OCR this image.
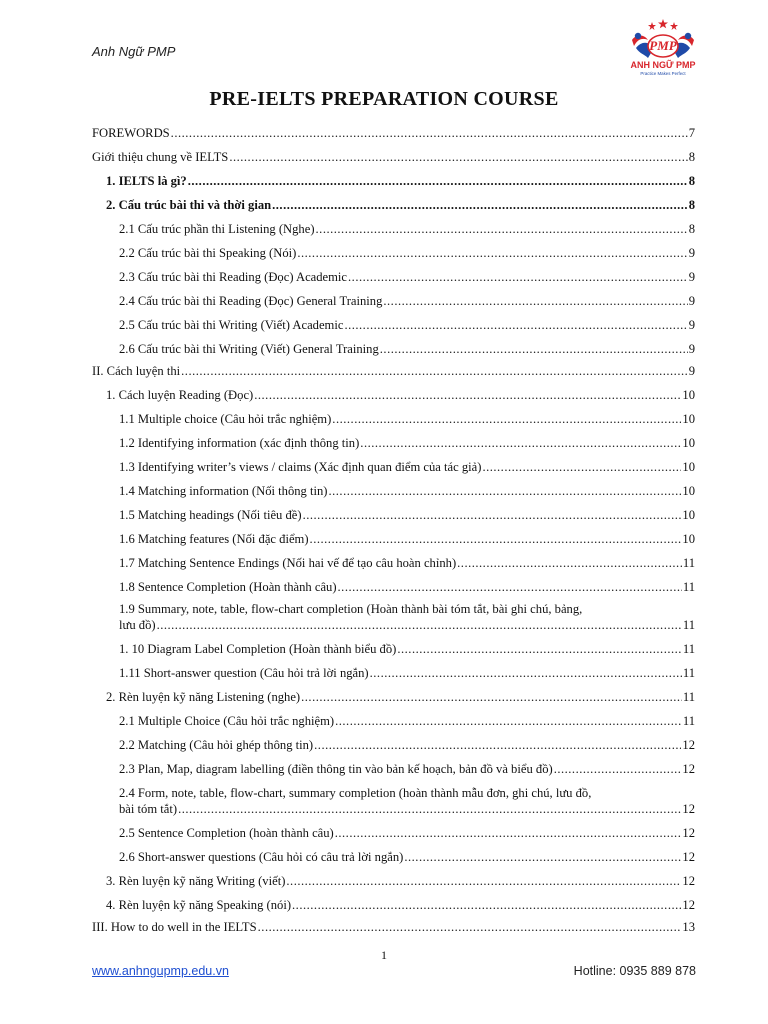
Anh Ngữ PMP	PMP
ANH NGỮ PMP
Practice Makes Perfect
PRE-IELTS PREPARATION COURSE
FOREWORDS .....	7
Giới thiệu chung về IELTS .....	8
1. IELTS là gì? .....	8
2. Cấu trúc bài thi và thời gian .....	8
2.1 Cấu trúc phần thi Listening (Nghe) .....	8
2.2 Cấu trúc bài thi Speaking (Nói) .....	9
2.3 Cấu trúc bài thi Reading (Đọc) Academic .....	9
2.4 Cấu trúc bài thi Reading (Đọc) General Training .....	9
2.5 Cấu trúc bài thi Writing (Viết) Academic .....	9
2.6 Cấu trúc bài thi Writing (Viết) General Training .....	9
II. Cách luyện thi .....	9
1. Cách luyện Reading (Đọc) .....	10
1.1 Multiple choice (Câu hỏi trắc nghiệm) .....	10
1.2 Identifying information (xác định thông tin) .....	10
1.3 Identifying writer’s views / claims (Xác định quan điểm của tác giả) .....	10
1.4 Matching information (Nối thông tin) .....	10
1.5 Matching headings (Nối tiêu đề) .....	10
1.6 Matching features (Nối đặc điểm) .....	10
1.7 Matching Sentence Endings (Nối hai vế để tạo câu hoàn chỉnh) .....	11
1.8 Sentence Completion (Hoàn thành câu) .....	11
1.9 Summary, note, table, flow-chart completion (Hoàn thành bài tóm tắt, bài ghi chú, bảng,
lưu đồ) .....	11
1. 10 Diagram Label Completion (Hoàn thành biểu đồ) .....	11
1.11 Short-answer question (Câu hỏi trả lời ngắn) .....	11
2. Rèn luyện kỹ năng Listening (nghe) .....	11
2.1 Multiple Choice (Câu hỏi trắc nghiệm) .....	11
2.2 Matching (Câu hỏi ghép thông tin) .....	12
2.3 Plan, Map, diagram labelling (điền thông tin vào bản kế hoạch, bản đồ và biểu đồ) .....	12
2.4 Form, note, table, flow-chart, summary completion (hoàn thành mẫu đơn, ghi chú, lưu đồ,
bài tóm tắt) .....	12
2.5 Sentence Completion (hoàn thành câu) .....	12
2.6 Short-answer questions (Câu hỏi có câu trả lời ngắn) .....	12
3. Rèn luyện kỹ năng Writing (viết) .....	12
4. Rèn luyện kỹ năng Speaking (nói) .....	12
III. How to do well in the IELTS .....	13
1
www.anhngupmp.edu.vn	Hotline: 0935 889 878
